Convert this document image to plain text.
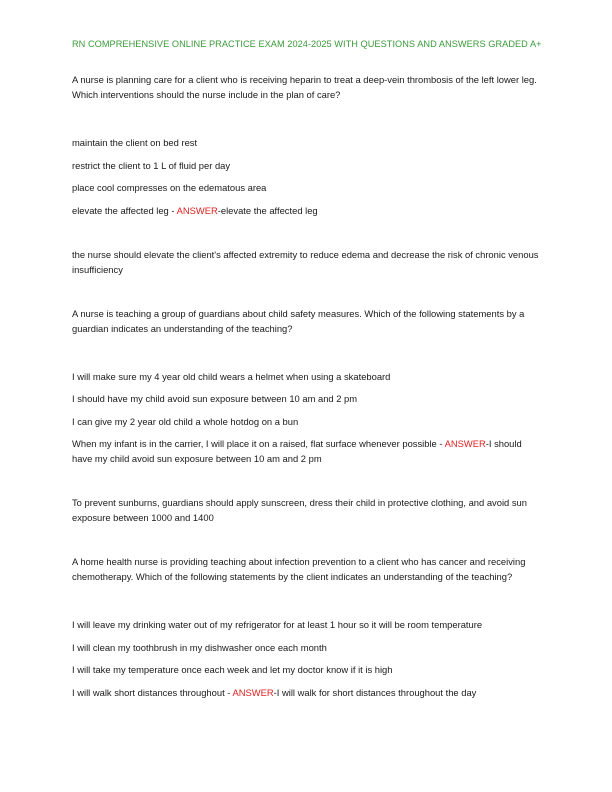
RN COMPREHENSIVE ONLINE PRACTICE EXAM 2024-2025 WITH QUESTIONS AND ANSWERS GRADED A+
A nurse is planning care for a client who is receiving heparin to treat a deep-vein thrombosis of the left lower leg. Which interventions should the nurse include in the plan of care?
maintain the client on bed rest
restrict the client to 1 L of fluid per day
place cool compresses on the edematous area
elevate the affected leg - ANSWER-elevate the affected leg
the nurse should elevate the client's affected extremity to reduce edema and decrease the risk of chronic venous insufficiency
A nurse is teaching a group of guardians about child safety measures. Which of the following statements by a guardian indicates an understanding of the teaching?
I will make sure my 4 year old child wears a helmet when using a skateboard
I should have my child avoid sun exposure between 10 am and 2 pm
I can give my 2 year old child a whole hotdog on a bun
When my infant is in the carrier, I will place it on a raised, flat surface whenever possible - ANSWER-I should have my child avoid sun exposure between 10 am and 2 pm
To prevent sunburns, guardians should apply sunscreen, dress their child in protective clothing, and avoid sun exposure between 1000 and 1400
A home health nurse is providing teaching about infection prevention to a client who has cancer and receiving chemotherapy. Which of the following statements by the client indicates an understanding of the teaching?
I will leave my drinking water out of my refrigerator for at least 1 hour so it will be room temperature
I will clean my toothbrush in my dishwasher once each month
I will take my temperature once each week and let my doctor know if it is high
I will walk short distances throughout - ANSWER-I will walk for short distances throughout the day
